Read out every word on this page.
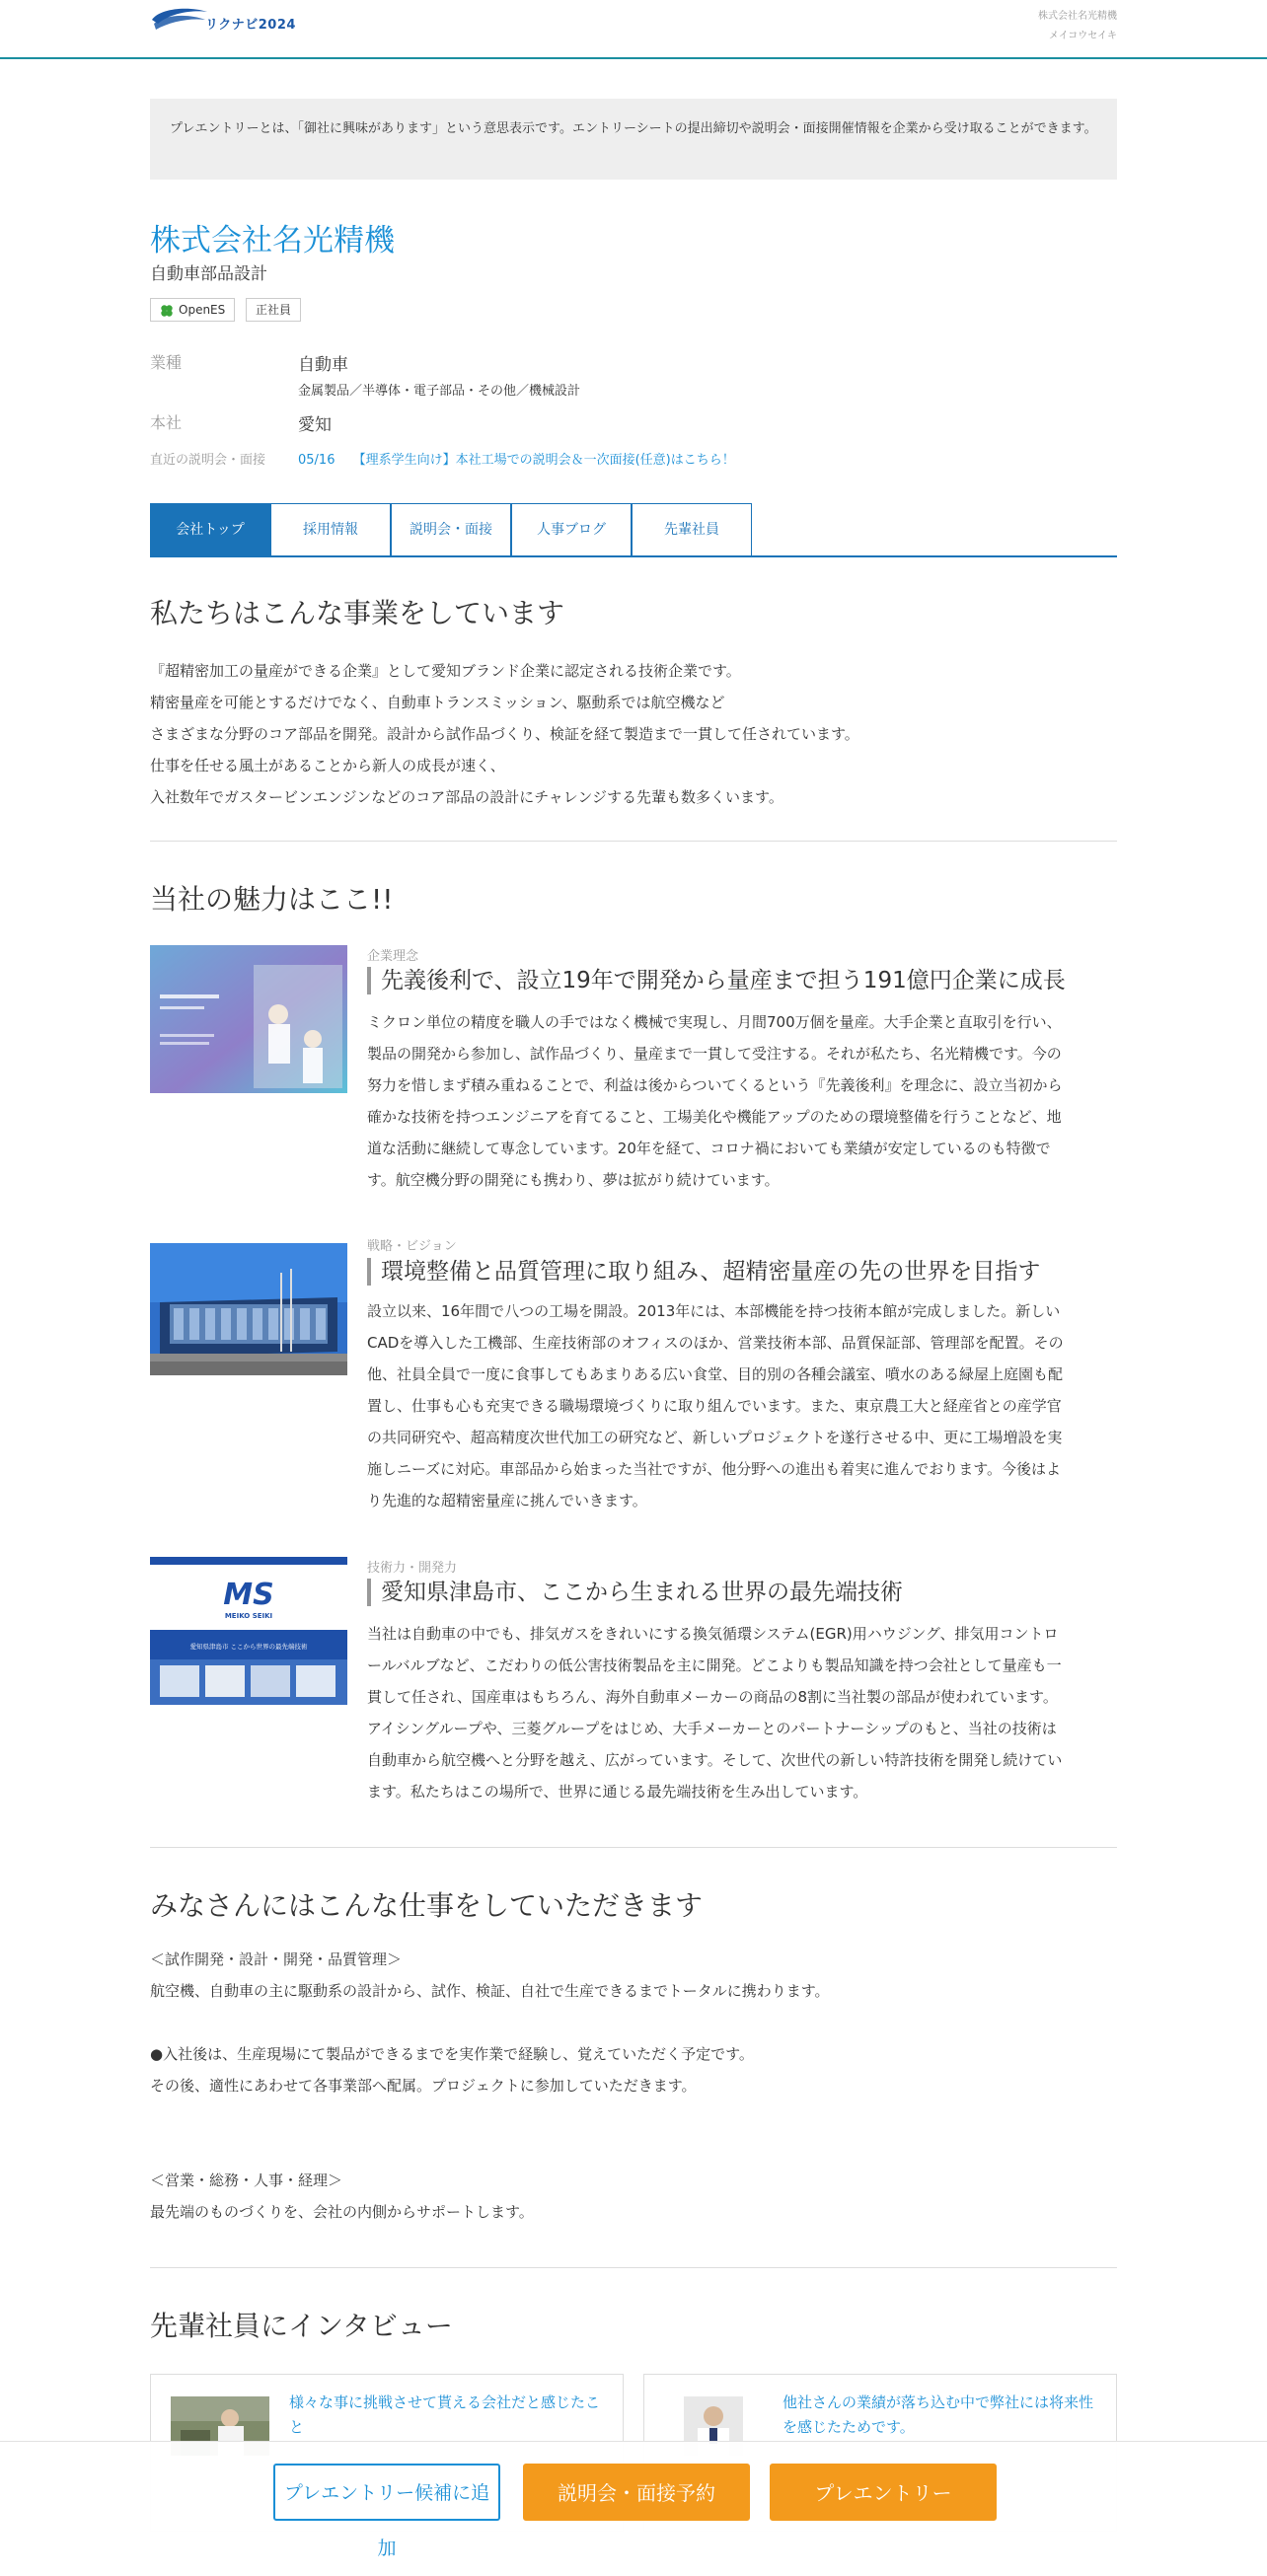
リクナビ2024
株式会社名光精機
メイコウセイキ
プレエントリーとは、「御社に興味があります」という意思表示です。エントリーシートの提出締切や説明会・面接開催情報を企業から受け取ることができます。
株式会社名光精機
自動車部品設計
OpenES	正社員
業種	自動車
金属製品／半導体・電子部品・その他／機械設計
本社	愛知
直近の説明会・面接	05/16 【理系学生向け】本社工場での説明会＆一次面接(任意)はこちら！
会社トップ	採用情報	説明会・面接	人事ブログ	先輩社員
私たちはこんな事業をしています
『超精密加工の量産ができる企業』として愛知ブランド企業に認定される技術企業です。
精密量産を可能とするだけでなく、自動車トランスミッション、駆動系では航空機など
さまざまな分野のコア部品を開発。設計から試作品づくり、検証を経て製造まで一貫して任されています。
仕事を任せる風土があることから新人の成長が速く、
入社数年でガスタービンエンジンなどのコア部品の設計にチャレンジする先輩も数多くいます。
当社の魅力はここ!!
企業理念
先義後利で、設立19年で開発から量産まで担う191億円企業に成長
ミクロン単位の精度を職人の手ではなく機械で実現し、月間700万個を量産。大手企業と直取引を行い、
製品の開発から参加し、試作品づくり、量産まで一貫して受注する。それが私たち、名光精機です。今の
努力を惜しまず積み重ねることで、利益は後からついてくるという『先義後利』を理念に、設立当初から
確かな技術を持つエンジニアを育てること、工場美化や機能アップのための環境整備を行うことなど、地
道な活動に継続して専念しています。20年を経て、コロナ禍においても業績が安定しているのも特徴で
す。航空機分野の開発にも携わり、夢は拡がり続けています。
戦略・ビジョン
環境整備と品質管理に取り組み、超精密量産の先の世界を目指す
設立以来、16年間で八つの工場を開設。2013年には、本部機能を持つ技術本館が完成しました。新しい
CADを導入した工機部、生産技術部のオフィスのほか、営業技術本部、品質保証部、管理部を配置。その
他、社員全員で一度に食事してもあまりある広い食堂、目的別の各種会議室、噴水のある緑屋上庭園も配
置し、仕事も心も充実できる職場環境づくりに取り組んでいます。また、東京農工大と経産省との産学官
の共同研究や、超高精度次世代加工の研究など、新しいプロジェクトを遂行させる中、更に工場増設を実
施しニーズに対応。車部品から始まった当社ですが、他分野への進出も着実に進んでおります。今後はよ
り先進的な超精密量産に挑んでいきます。
MS
MEIKO SEIKI
愛知県津島市 ここから世界の最先端技術
技術力・開発力
愛知県津島市、ここから生まれる世界の最先端技術
当社は自動車の中でも、排気ガスをきれいにする換気循環システム(EGR)用ハウジング、排気用コントロ
ールバルブなど、こだわりの低公害技術製品を主に開発。どこよりも製品知識を持つ会社として量産も一
貫して任され、国産車はもちろん、海外自動車メーカーの商品の8割に当社製の部品が使われています。
アイシングループや、三菱グループをはじめ、大手メーカーとのパートナーシップのもと、当社の技術は
自動車から航空機へと分野を越え、広がっています。そして、次世代の新しい特許技術を開発し続けてい
ます。私たちはこの場所で、世界に通じる最先端技術を生み出しています。
みなさんにはこんな仕事をしていただきます
＜試作開発・設計・開発・品質管理＞
航空機、自動車の主に駆動系の設計から、試作、検証、自社で生産できるまでトータルに携わります。
●入社後は、生産現場にて製品ができるまでを実作業で経験し、覚えていただく予定です。
その後、適性にあわせて各事業部へ配属。プロジェクトに参加していただきます。
＜営業・総務・人事・経理＞
最先端のものづくりを、会社の内側からサポートします。
先輩社員にインタビュー
様々な事に挑戦させて貰える会社だと感じたこと
他社さんの業績が落ち込む中で弊社には将来性を感じたためです。
プレエントリー候補に追加
説明会・面接予約	プレエントリー
